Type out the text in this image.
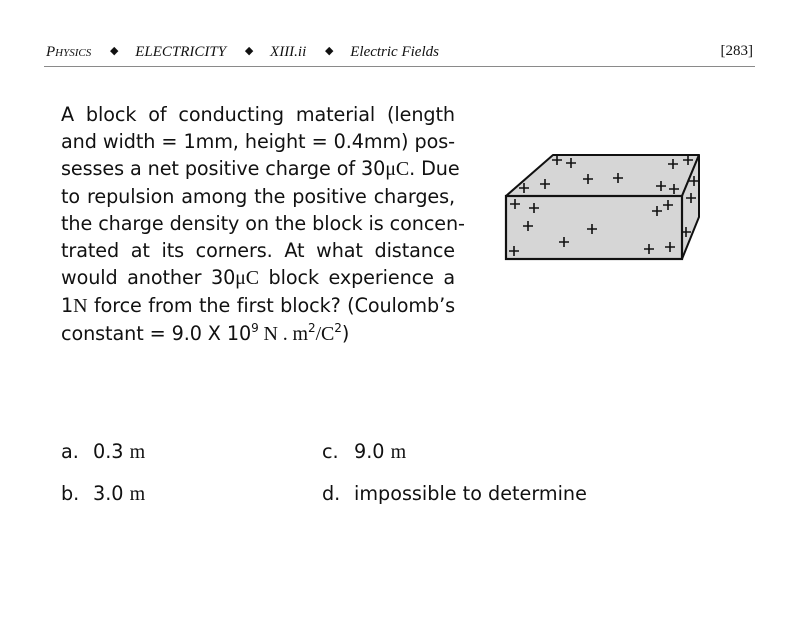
Physics ◆ ELECTRICITY ◆ XIII.ii ◆ Electric Fields	[283]
A block of conducting material (length
and width = 1mm, height = 0.4mm) pos-
sesses a net positive charge of 30μC. Due
to repulsion among the positive charges,
the charge density on the block is concen-
trated at its corners. At what distance
would another 30μC block experience a
1N force from the first block? (Coulomb’s
constant = 9.0 X $10^9$ N . $m^2/C^2$)
a. 0.3 m
b. 3.0 m
c. 9.0 m
d. impossible to determine
